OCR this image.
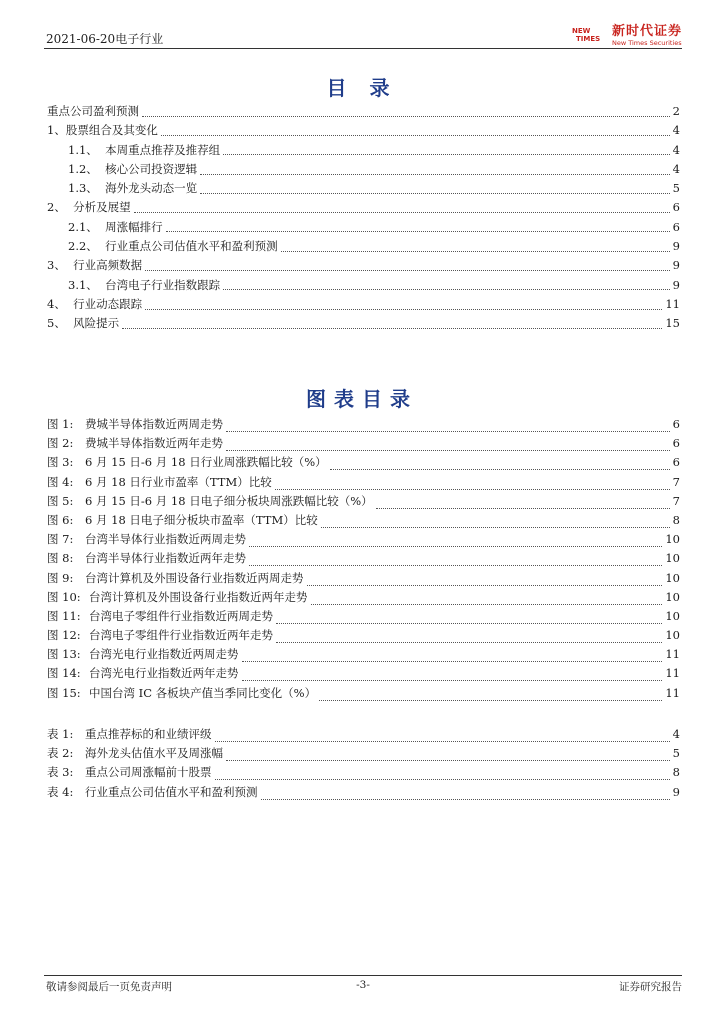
2021-06-20电子行业
NEW
TIMES 新时代证券
New Times Securities
目 录
重点公司盈利预测	2
1、股票组合及其变化	4
1.1、  本周重点推荐及推荐组	4
1.2、  核心公司投资逻辑	4
1.3、  海外龙头动态一览	5
2、  分析及展望	6
2.1、  周涨幅排行	6
2.2、  行业重点公司估值水平和盈利预测	9
3、  行业高频数据	9
3.1、  台湾电子行业指数跟踪	9
4、  行业动态跟踪	11
5、  风险提示	15
图表目录
图 1:	费城半导体指数近两周走势	6
图 2:	费城半导体指数近两年走势	6
图 3:	6 月 15 日-6 月 18 日行业周涨跌幅比较（%）	6
图 4:	6 月 18 日行业市盈率（TTM）比较	7
图 5:	6 月 15 日-6 月 18 日电子细分板块周涨跌幅比较（%）	7
图 6:	6 月 18 日电子细分板块市盈率（TTM）比较	8
图 7:	台湾半导体行业指数近两周走势	10
图 8:	台湾半导体行业指数近两年走势	10
图 9:	台湾计算机及外围设备行业指数近两周走势	10
图 10: 台湾计算机及外围设备行业指数近两年走势	10
图 11: 台湾电子零组件行业指数近两周走势	10
图 12: 台湾电子零组件行业指数近两年走势	10
图 13: 台湾光电行业指数近两周走势	11
图 14: 台湾光电行业指数近两年走势	11
图 15: 中国台湾 IC 各板块产值当季同比变化（%）	11
表 1:	重点推荐标的和业绩评级	4
表 2:	海外龙头估值水平及周涨幅	5
表 3:	重点公司周涨幅前十股票	8
表 4:	行业重点公司估值水平和盈利预测	9
敬请参阅最后一页免责声明	-3-	证券研究报告
